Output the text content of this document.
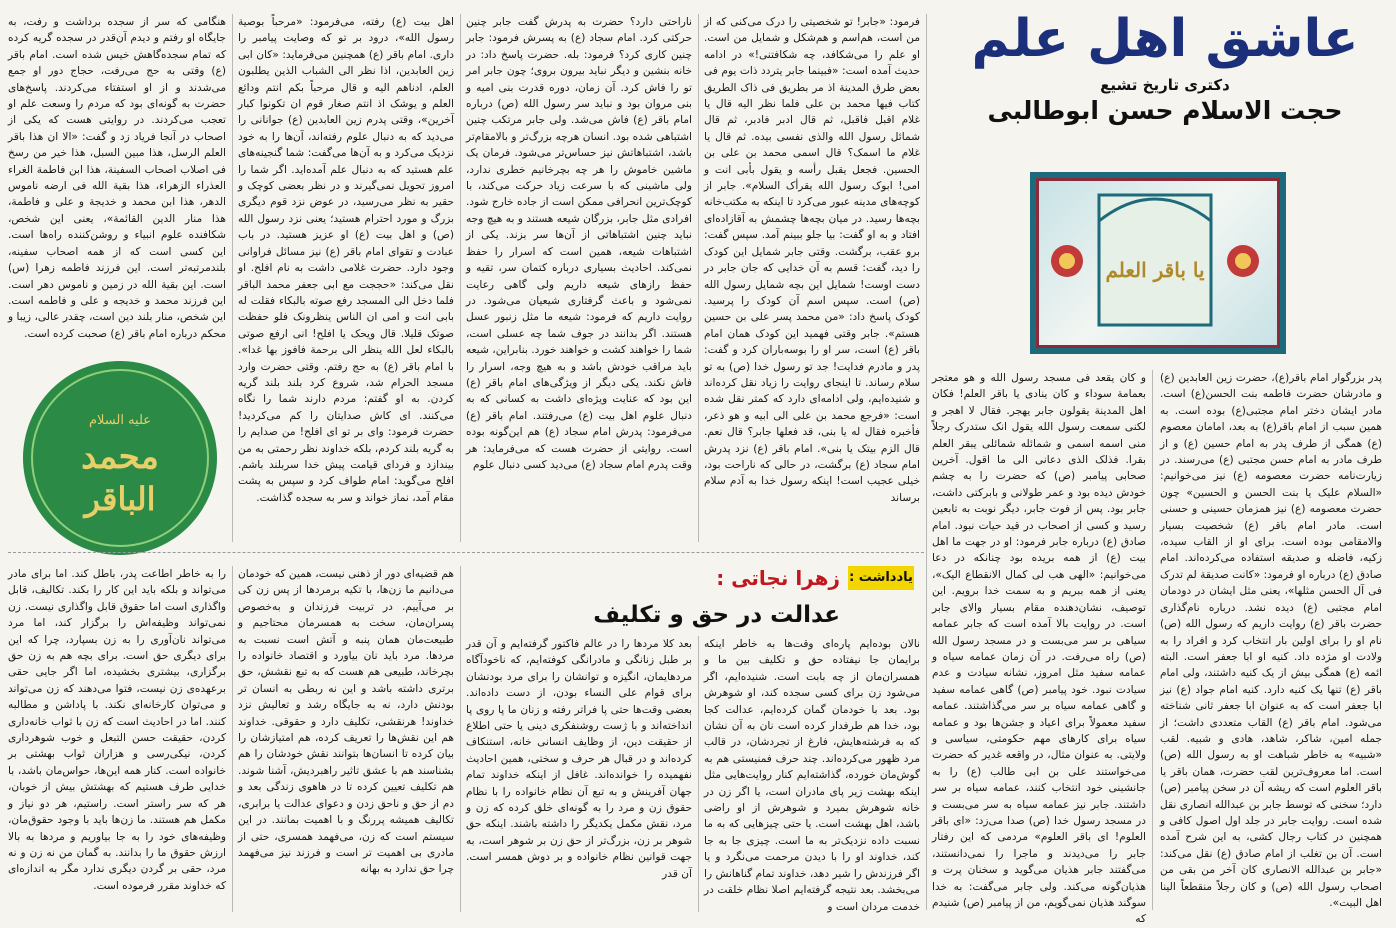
عاشق اهل علم
دکتری تاریخ تشیع
حجت الاسلام حسن ابوطالبی
یا باقر العلم
علیه السلام
محمد
الباقر
پدر بزرگوار امام باقر(ع)، حضرت زین العابدین (ع) و مادرشان حضرت فاطمه بنت الحسن(ع) است. مادر ایشان دختر امام مجتبی(ع) بوده است. به همین سبب از امام باقر(ع) به بعد، امامان معصوم (ع) همگی از طرف پدر به امام حسین (ع) و از طرف مادر به امام حسن مجتبی (ع) می‌رسند. در زیارت‌نامه حضرت معصومه (ع) نیز می‌خوانیم: «السلام علیک یا بنت الحسن و الحسین» چون حضرت معصومه (ع) نیز همزمان حسینی و حسنی است. مادر امام باقر (ع) شخصیت بسیار والامقامی بوده است. برای او از القاب سیده، زکیه، فاضله و صدیقه استفاده می‌کرده‌اند. امام صادق (ع) درباره او فرمود: «کانت صدیقة لم تدرک فی آل الحسن مثلها»، یعنی مثل ایشان در دودمان امام مجتبی (ع) دیده نشد. درباره نام‌گذاری حضرت باقر (ع) روایت داریم که رسول الله (ص) نام او را برای اولین بار انتخاب کرد و افراد را به ولادت او مژده داد. کنیه او ابا جعفر است. البته ائمه (ع) همگی بیش از یک کنیه داشتند، ولی امام باقر (ع) تنها یک کنیه دارد. کنیه امام جواد (ع) نیز ابا جعفر است که به عنوان ابا جعفر ثانی شناخته می‌شود. امام باقر (ع) القاب متعددی داشت؛ از جمله امین، شاکر، شاهد، هادی و شبیه. لقب «شبیه» به خاطر شباهت او به رسول الله (ص) است. اما معروف‌ترین لقب حضرت، همان باقر یا باقر العلوم است که ریشه آن در سخن پیامبر (ص) دارد؛ سخنی که توسط جابر بن عبدالله انصاری نقل شده است. روایت جابر در جلد اول اصول کافی و همچنین در کتاب رجال کشی، به این شرح آمده است. آن بن تغلب از امام صادق (ع) نقل می‌کند: «جابر بن عبدالله الانصاری کان آخر من بقی من اصحاب رسول الله (ص) و کان رجلاً منقطعاً الینا اهل البیت».
و کان یقعد فی مسجد رسول الله و هو معتجر بعمامة سوداء و کان ینادی یا باقر العلم! فکان اهل المدینة یقولون جابر یهجر. فقال لا اهجر و لکنی سمعت رسول الله یقول انک ستدرک رجلاً منی اسمه اسمی و شمائله شمائلی یبقر العلم بقرا. فذلک الذی دعانی الی ما اقول. آخرین صحابی پیامبر (ص) که حضرت را به چشم خودش دیده بود و عمر طولانی و بابرکتی داشت، جابر بود. پس از فوت جابر، دیگر نوبت به تابعین رسید و کسی از اصحاب در قید حیات نبود. امام صادق (ع) درباره جابر فرمود: او در جهت ما اهل بیت (ع) از همه بریده بود چنانکه در دعا می‌خوانیم: «الهی هب لی کمال الانقطاع الیک»، یعنی از همه ببریم و به سمت خدا برویم. این توصیف، نشان‌دهنده مقام بسیار والای جابر است. در روایت بالا آمده است که جابر عمامه سیاهی بر سر می‌بست و در مسجد رسول الله (ص) راه می‌رفت. در آن زمان عمامه سیاه و عمامه سفید مثل امروز، نشانه سیادت و عدم سیادت نبود. خود پیامبر (ص) گاهی عمامه سفید و گاهی عمامه سیاه بر سر می‌گذاشتند. عمامه سفید معمولاً برای اعیاد و جشن‌ها بود و عمامه سیاه برای کارهای مهم حکومتی، سیاسی و ولایتی. به عنوان مثال، در واقعه غدیر که حضرت می‌خواستند علی بن ابی طالب (ع) را به جانشینی خود انتخاب کنند، عمامه سیاه بر سر داشتند. جابر نیز عمامه سیاه به سر می‌بست و در مسجد رسول خدا (ص) صدا می‌زد: «ای باقر العلوم! ای باقر العلوم» مردمی که این رفتار جابر را می‌دیدند و ماجرا را نمی‌دانستند، می‌گفتند جابر هذیان می‌گوید و سخنان پرت و هذیان‌گونه می‌کند. ولی جابر می‌گفت: به خدا سوگند هذیان نمی‌گویم، من از پیامبر (ص) شنیدم که
فرمود: «جابر! تو شخصیتی را درک می‌کنی که از من است، هم‌اسم و هم‌شکل و شمایل من است. او علم را می‌شکافد، چه شکافتنی!» در ادامه حدیث آمده است: «فبینما جابر یتردد ذات یوم فی بعض طرق المدینة اذ مر بطریق فی ذاک الطریق کتاب فیها محمد بن علی فلما نظر الیه قال یا غلام اقبل فاقبل، ثم قال ادبر فادبر، ثم قال شمائل رسول الله والذی نفسی بیده. ثم قال یا غلام ما اسمک؟ قال اسمی محمد بن علی بن الحسین. فجعل یقبل رأسه و یقول بأبی انت و امی! ابوک رسول الله یقرأک السلام». جابر از کوچه‌های مدینه عبور می‌کرد تا اینکه به مکتب‌خانه بچه‌ها رسید. در میان بچه‌ها چشمش به آقازاده‌ای افتاد و به او گفت: بیا جلو ببینم آمد. سپس گفت: برو عقب، برگشت. وقتی جابر شمایل این کودک را دید، گفت: قسم به آن خدایی که جان جابر در دست اوست! شمایل این بچه شمایل رسول الله (ص) است. سپس اسم آن کودک را پرسید. کودک پاسخ داد: «من محمد پسر علی بن حسین هستم». جابر وقتی فهمید این کودک همان امام باقر (ع) است، سر او را بوسه‌باران کرد و گفت: پدر و مادرم فدایت! جد تو رسول خدا (ص) به تو سلام رساند. تا اینجای روایت را زیاد نقل کرده‌اند و شنیده‌ایم، ولی ادامه‌ای دارد که کمتر نقل شده است: «فرجع محمد بن علی الی ابیه و هو ذعر، فأخبره فقال له یا بنی، قد فعلها جابر؟ قال نعم. قال الزم بیتک یا بنی». امام باقر (ع) نزد پدرش امام سجاد (ع) برگشت، در حالی که ناراحت بود، خیلی عجیب است! اینکه رسول خدا به آدم سلام برساند
ناراحتی دارد؟ حضرت به پدرش گفت جابر چنین حرکتی کرد. امام سجاد (ع) به پسرش فرمود: جابر چنین کاری کرد؟ فرمود: بله. حضرت پاسخ داد: در خانه بنشین و دیگر نباید بیرون بروی؛ چون جابر امر تو را فاش کرد. آن زمان، دوره قدرت بنی امیه و بنی مروان بود و نباید سر رسول الله (ص) درباره امام باقر (ع) فاش می‌شد. ولی جابر مرتکب چنین اشتباهی شده بود. انسان هرچه بزرگ‌تر و بالامقام‌تر باشد، اشتباهاتش نیز حساس‌تر می‌شود. فرمان یک ماشین خاموش را هر چه بچرخانیم خطری ندارد، ولی ماشینی که با سرعت زیاد حرکت می‌کند، با کوچک‌ترین انحرافی ممکن است از جاده خارج شود. افرادی مثل جابر، بزرگان شیعه هستند و به هیچ وجه نباید چنین اشتباهاتی از آن‌ها سر بزند. یکی از اشتباهات شیعه، همین است که اسرار را حفظ نمی‌کند. احادیث بسیاری درباره کتمان سر، تقیه و حفظ رازهای شیعه داریم ولی گاهی رعایت نمی‌شود و باعث گرفتاری شیعیان می‌شود. در روایت داریم که فرمود: شیعه ما مثل زنبور عسل هستند. اگر بدانند در جوف شما چه عسلی است، شما را خواهند کشت و خواهند خورد. بنابراین، شیعه باید مراقب خودش باشد و به هیچ وجه، اسرار را فاش نکند. یکی دیگر از ویژگی‌های امام باقر (ع) این بود که عنایت ویژه‌ای داشت به کسانی که به دنبال علوم اهل بیت (ع) می‌رفتند. امام باقر (ع) می‌فرمود: پدرش امام سجاد (ع) هم این‌گونه بوده است. روایتی از حضرت هست که می‌فرماید: هر وقت پدرم امام سجاد (ع) می‌دید کسی دنبال علوم
اهل بیت (ع) رفته، می‌فرمود: «مرحباً بوصیة رسول الله»، درود بر تو که وصایت پیامبر را داری. امام باقر (ع) همچنین می‌فرماید: «کان ابی زین العابدین، اذا نظر الی الشباب الذین یطلبون العلم، ادناهم الیه و قال مرحباً بکم انتم ودائع العلم و یوشک اذ انتم صغار قوم ان تکونوا کبار آخرین»، وقتی پدرم زین العابدین (ع) جوانانی را می‌دید که به دنبال علوم رفته‌اند، آن‌ها را به خود نزدیک می‌کرد و به آن‌ها می‌گفت: شما گنجینه‌های علم هستید که به دنبال علم آمده‌اید. اگر شما را امروز تحویل نمی‌گیرند و در نظر بعضی کوچک و حقیر به نظر می‌رسید، در عوض نزد قوم دیگری بزرگ و مورد احترام هستید؛ یعنی نزد رسول الله (ص) و اهل بیت (ع) او عزیز هستید. در باب عبادت و تقوای امام باقر (ع) نیز مسائل فراوانی وجود دارد. حضرت غلامی داشت به نام افلح. او نقل می‌کند: «حججت مع ابی جعفر محمد الباقر فلما دخل الی المسجد رفع صوته بالبکاء فقلت له بابی انت و امی ان الناس ینظرونک فلو حفظت صوتک قلیلا. قال ویحک یا افلح! انی ارفع صوتی بالبکاء لعل الله ینظر الی برحمة فافوز بها غدا». با امام باقر (ع) به حج رفتم. وقتی حضرت وارد مسجد الحرام شد، شروع کرد بلند بلند گریه کردن. به او گفتم: مردم دارند شما را نگاه می‌کنند. ای کاش صدایتان را کم می‌کردید! حضرت فرمود: وای بر تو ای افلح! من صدایم را به گریه بلند کردم، بلکه خداوند نظر رحمتی به من بیندازد و فردای قیامت پیش خدا سربلند باشم. افلح می‌گوید: امام طواف کرد و سپس به پشت مقام آمد، نماز خواند و سر به سجده گذاشت.
هنگامی که سر از سجده برداشت و رفت، به جایگاه او رفتم و دیدم آن‌قدر در سجده گریه کرده که تمام سجده‌گاهش خیس شده است. امام باقر (ع) وقتی به حج می‌رفت، حجاج دور او جمع می‌شدند و از او استفتاء می‌کردند. پاسخ‌های حضرت به گونه‌ای بود که مردم را وسعت علم او تعجب می‌کردند. در روایتی هست که یکی از اصحاب در آنجا فریاد زد و گفت: «الا ان هذا باقر العلم الرسل، هذا مبین السبل، هذا خیر من رسخ فی اصلاب اصحاب السفینة، هذا ابن فاطمة الغراء العذراء الزهراء، هذا بقیة الله فی ارضه ناموس الدهر، هذا ابن محمد و خدیجة و علی و فاطمة، هذا منار الدین القائمة»، یعنی این شخص، شکافنده علوم انبیاء و روشن‌کننده راه‌ها است. این کسی است که از همه اصحاب سفینه، بلندمرتبه‌تر است. این فرزند فاطمه زهرا (س) است. این بقیة الله در زمین و ناموس دهر است. این فرزند محمد و خدیجه و علی و فاطمه است. این شخص، منار بلند دین است، چقدر عالی، زیبا و محکم درباره امام باقر (ع) صحبت کرده است.
یادداشت :
زهرا نجاتی :
عدالت در حق و تکلیف
نالان بوده‌ایم پاره‌ای وقت‌ها به خاطر اینکه برایمان جا نیفتاده حق و تکلیف بین ما و همسران‌مان از چه بابت است. شنیده‌ایم، اگر می‌شود زن برای کسی سجده کند، او شوهرش بود. بعد با خودمان گمان کرده‌ایم، عدالت کجا بود، خدا هم طرفدار کرده است نان به آن نشان که به فرشته‌هایش، فارغ از تجردشان، در قالب مرد ظهور می‌کرده‌اند. چند حرف فمنیستی هم به گوش‌مان خورده، گذاشته‌ایم کنار روایت‌هایی مثل اینکه بهشت زیر پای مادران است، یا اگر زن در خانه شوهرش بمیرد و شوهرش از او راضی باشد، اهل بهشت است. یا حتی چیزهایی که به ما نسبت داده نزدیک‌تر به ما است. چیزی جا به جا کند، خداوند او را با دیدن مرحمت می‌نگرد و یا اگر فرزندش را شیر دهد، خداوند تمام گناهانش را می‌بخشد. بعد نتیجه گرفته‌ایم اصلا نظام خلقت در خدمت مردان است و
بعد کلا مردها را در عالم فاکتور گرفته‌ایم و آن قدر بر طبل زنانگی و مادرانگی کوفته‌ایم، که ناخودآگاه مردهایمان، انگیزه و توانشان را برای مرد بودنشان برای قوام علی النساء بودن، از دست داده‌اند. بعضی وقت‌ها حتی پا فراتر رفته و زنان ما پا روی پا انداخته‌اند و با ژست روشنفکری دینی یا حتی اطلاع از حقیقت دین، از وظایف انسانی خانه، استنکاف کرده‌اند و در قبال هر حرف و سختی، همین احادیث نفهمیده را خوانده‌اند. غافل از اینکه خداوند تمام جهان آفرینش و به تبع آن نظام خانواده را با نظام حقوق زن و مرد را به گونه‌ای خلق کرده که زن و مرد، نقش مکمل یکدیگر را داشته باشند. اینکه حق شوهر بر زن، بزرگ‌تر از حق زن بر شوهر است، به جهت قوانین نظام خانواده و بر دوش همسر است. آن قدر
هم قضیه‌ای دور از ذهنی نیست، همین که خودمان می‌دانیم ما زن‌ها، با تکیه برمردها از پس زن کی بر می‌آییم. در تربیت فرزندان و به‌خصوص پسران‌مان، سخت به همسرمان محتاجیم و طبیعت‌مان همان پنبه و آتش است نسبت به مردها. مرد باید نان بیاورد و اقتصاد خانواده را بچرخاند، طبیعی هم هست که به تبع نقشش، حق برتری داشته باشد و این نه ربطی به انسان تر بودنش دارد، نه به جایگاه رشد و تعالیش نزد خداوند! هرنقشی، تکلیف دارد و حقوقی. خداوند هم این نقش‌ها را تعریف کرده، هم امتیازشان را بیان کرده تا انسان‌ها بتوانند نقش خودشان را هم بشناسند هم با عشق تاثیر راهبردیش، آشنا شوند. هم تکلیف تعیین کرده تا در هاهوی زندگی بعد و دم از حق و ناحق زدن و دعوای عدالت یا برابری، تکالیف همیشه پررنگ و با اهمیت بمانند. در این سیستم است که زن، می‌فهمد همسری، حتی از مادری بی اهمیت تر است و فرزند نیز می‌فهمد چرا حق ندارد به بهانه
را به خاطر اطاعت پدر، باطل کند. اما برای مادر می‌تواند و بلکه باید این کار را بکند. تکالیف، قابل واگذاری است اما حقوق قابل واگذاری نیست. زن نمی‌تواند وظیفه‌اش را برگزار کند، اما مرد می‌تواند نان‌آوری را به زن بسپارد، چرا که این برای دیگری حق است. برای بچه هم به زن حق برگزاری، بیشتری بخشیده، اما اگر جایی حقی برعهده‌ی زن نیست، فتوا می‌دهند که زن می‌تواند و می‌توان کارخانه‌ای نکند. با پاداشن و مطالبه کنند. اما در احادیث است که زن با ثواب خانه‌داری کردن، حقیقت حسن التبعل و خوب شوهرداری کردن، نیکی‌رسی و هزاران ثواب بهشتی بر خانواده است. کنار همه این‌ها، حواس‌مان باشد، با خدایی طرف هستیم که بهشتش بیش از خوبان، هر که سر راستر است. راستیم، هر دو نیاز و مکمل هم هستند. ما زن‌ها باید با وجود حقوق‌مان، وظیفه‌های خود را به جا بیاوریم و مردها به بالا ارزش حقوق ما را بدانند. به گمان من نه زن و نه مرد، حقی بر گردن دیگری ندارد مگر به اندازه‌ای که خداوند مقرر فرموده است.
